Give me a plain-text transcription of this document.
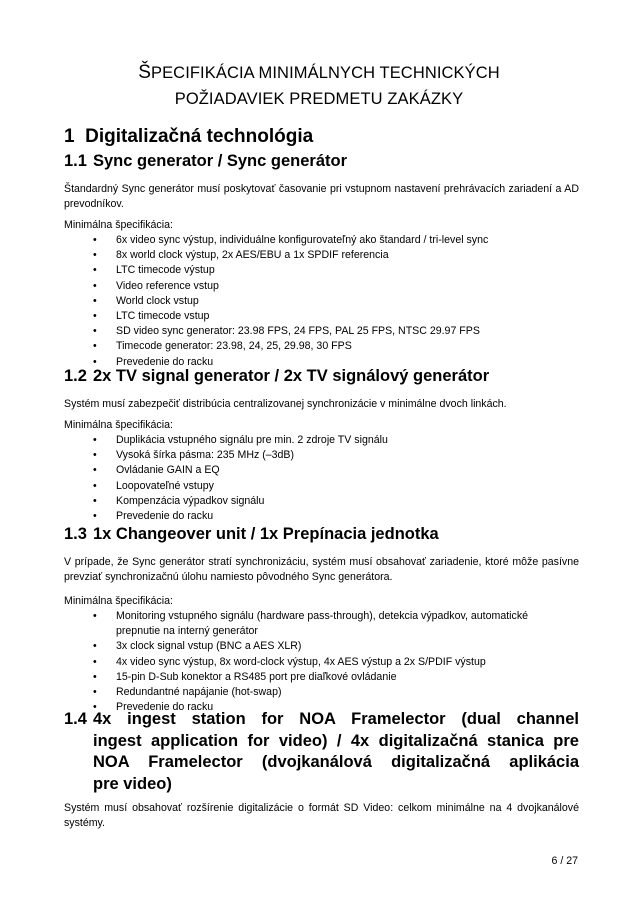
ŠPECIFIKÁCIA MINIMÁLNYCH TECHNICKÝCH
POŽIADAVIEK PREDMETU ZAKÁZKY
1 Digitalizačná technológia
1.1 Sync generator / Sync generátor

Štandardný Sync generátor musí poskytovať časovanie pri vstupnom nastavení prehrávacích zariadení a AD prevodníkov.

Minimálna špecifikácia:

• 6x video sync výstup, individuálne konfigurovateľný ako štandard / tri-level sync
• 8x world clock výstup, 2x AES/EBU a 1x SPDIF referencia
• LTC timecode výstup
• Video reference vstup
• World clock vstup
• LTC timecode vstup
• SD video sync generator: 23.98 FPS, 24 FPS, PAL 25 FPS, NTSC 29.97 FPS
• Timecode generator: 23.98, 24, 25, 29.98, 30 FPS
• Prevedenie do racku
1.2 2x TV signal generator / 2x TV signálový generátor

Systém musí zabezpečiť distribúcia centralizovanej synchronizácie v minimálne dvoch linkách.

Minimálna špecifikácia:

• Duplikácia vstupného signálu pre min. 2 zdroje TV signálu
• Vysoká šírka pásma: 235 MHz (–3dB)
• Ovládanie GAIN a EQ
• Loopovateľné vstupy
• Kompenzácia výpadkov signálu
• Prevedenie do racku
1.3 1x Changeover unit / 1x Prepínacia jednotka

V prípade, že Sync generátor stratí synchronizáciu, systém musí obsahovať zariadenie, ktoré môže pasívne prevziať synchronizačnú úlohu namiesto pôvodného Sync generátora.

Minimálna špecifikácia:

• Monitoring vstupného signálu (hardware pass-through), detekcia výpadkov, automatické
prepnutie na interný generátor
• 3x clock signal vstup (BNC a AES XLR)
• 4x video sync výstup, 8x word-clock výstup, 4x AES výstup a 2x S/PDIF výstup
• 15-pin D-Sub konektor a RS485 port pre diaľkové ovládanie
• Redundantné napájanie (hot-swap)
• Prevedenie do racku
1.4 4x ingest station for NOA Framelector (dual channel
ingest application for video) / 4x digitalizačná stanica pre
NOA Framelector (dvojkanálová digitalizačná aplikácia
pre video)

Systém musí obsahovať rozšírenie digitalizácie o formát SD Video: celkom minimálne na 4 dvojkanálové systémy.

6 / 27
